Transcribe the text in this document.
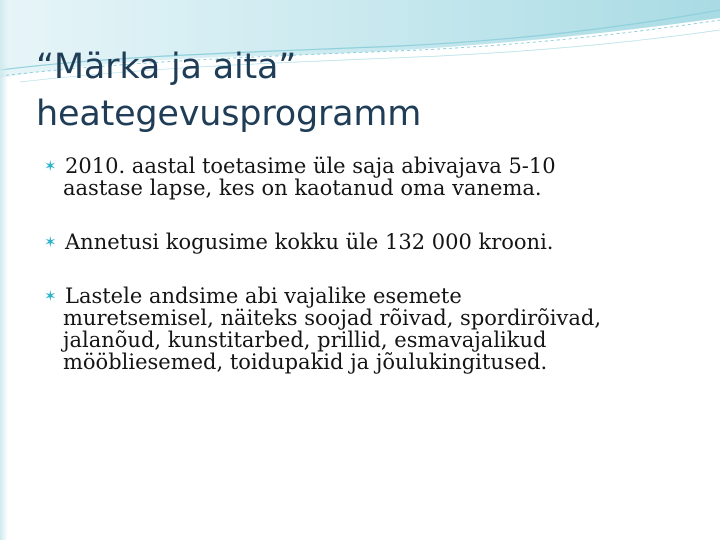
“Märka ja aita”
heategevusprogramm
✶ 2010. aastal toetasime üle saja abivajava 5-10
aastase lapse, kes on kaotanud oma vanema.
✶ Annetusi kogusime kokku üle 132 000 krooni.
✶ Lastele andsime abi vajalike esemete
muretsemisel, näiteks soojad rõivad, spordirõivad,
jalanõud, kunstitarbed, prillid, esmavajalikud
mööbliesemed, toidupakid ja jõulukingitused.
